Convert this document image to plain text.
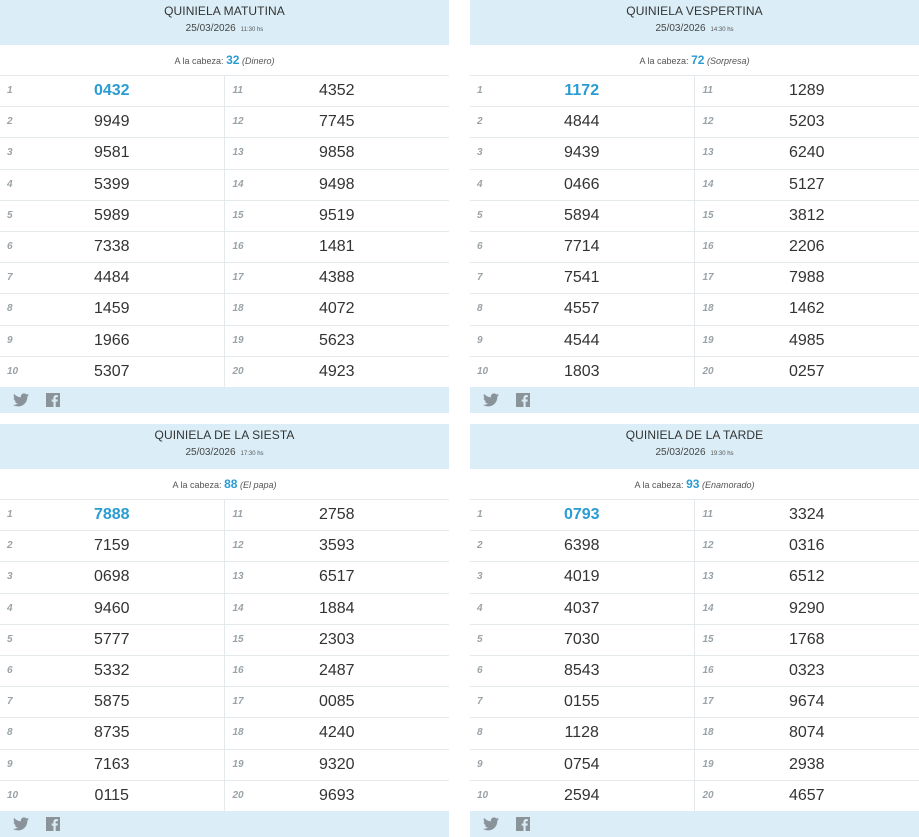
QUINIELA MATUTINA
25/03/2026 11:30 hs
A la cabeza: 32 (Dinero)
1	0432	11	4352
2	9949	12	7745
3	9581	13	9858
4	5399	14	9498
5	5989	15	9519
6	7338	16	1481
7	4484	17	4388
8	1459	18	4072
9	1966	19	5623
10	5307	20	4923
QUINIELA VESPERTINA
25/03/2026 14:30 hs
A la cabeza: 72 (Sorpresa)
1	1172	11	1289
2	4844	12	5203
3	9439	13	6240
4	0466	14	5127
5	5894	15	3812
6	7714	16	2206
7	7541	17	7988
8	4557	18	1462
9	4544	19	4985
10	1803	20	0257
QUINIELA DE LA SIESTA
25/03/2026 17:30 hs
A la cabeza: 88 (El papa)
1	7888	11	2758
2	7159	12	3593
3	0698	13	6517
4	9460	14	1884
5	5777	15	2303
6	5332	16	2487
7	5875	17	0085
8	8735	18	4240
9	7163	19	9320
10	0115	20	9693
QUINIELA DE LA TARDE
25/03/2026 19:30 hs
A la cabeza: 93 (Enamorado)
1	0793	11	3324
2	6398	12	0316
3	4019	13	6512
4	4037	14	9290
5	7030	15	1768
6	8543	16	0323
7	0155	17	9674
8	1128	18	8074
9	0754	19	2938
10	2594	20	4657
